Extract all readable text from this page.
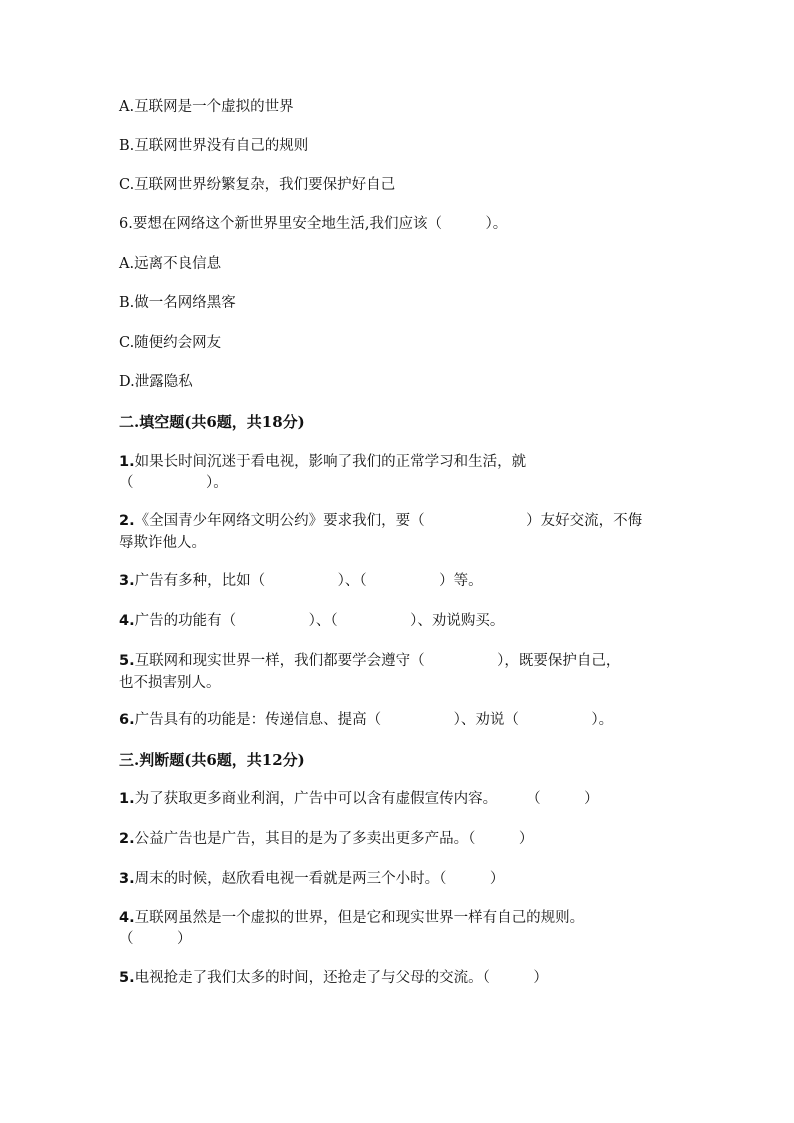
A.互联网是一个虚拟的世界
B.互联网世界没有自己的规则
C.互联网世界纷繁复杂，我们要保护好自己
6.要想在网络这个新世界里安全地生活,我们应该（　　　）。
A.远离不良信息
B.做一名网络黑客
C.随便约会网友
D.泄露隐私
二.填空题(共6题，共18分)
1.如果长时间沉迷于看电视，影响了我们的正常学习和生活，就
（　　　　　）。
2.《全国青少年网络文明公约》要求我们，要（　　　　　　　）友好交流，不侮
辱欺诈他人。
3.广告有多种，比如（　　　　　）、（　　　　　）等。
4.广告的功能有（　　　　　）、（　　　　　）、劝说购买。
5.互联网和现实世界一样，我们都要学会遵守（　　　　　），既要保护自己，
也不损害别人。
6.广告具有的功能是：传递信息、提高（　　　　　）、劝说（　　　　　）。
三.判断题(共6题，共12分)
1.为了获取更多商业利润，广告中可以含有虚假宣传内容。　　　（　　　）
2.公益广告也是广告，其目的是为了多卖出更多产品。（　　　）
3.周末的时候，赵欣看电视一看就是两三个小时。（　　　）
4.互联网虽然是一个虚拟的世界，但是它和现实世界一样有自己的规则。
（　　　）
5.电视抢走了我们太多的时间，还抢走了与父母的交流。（　　　）
